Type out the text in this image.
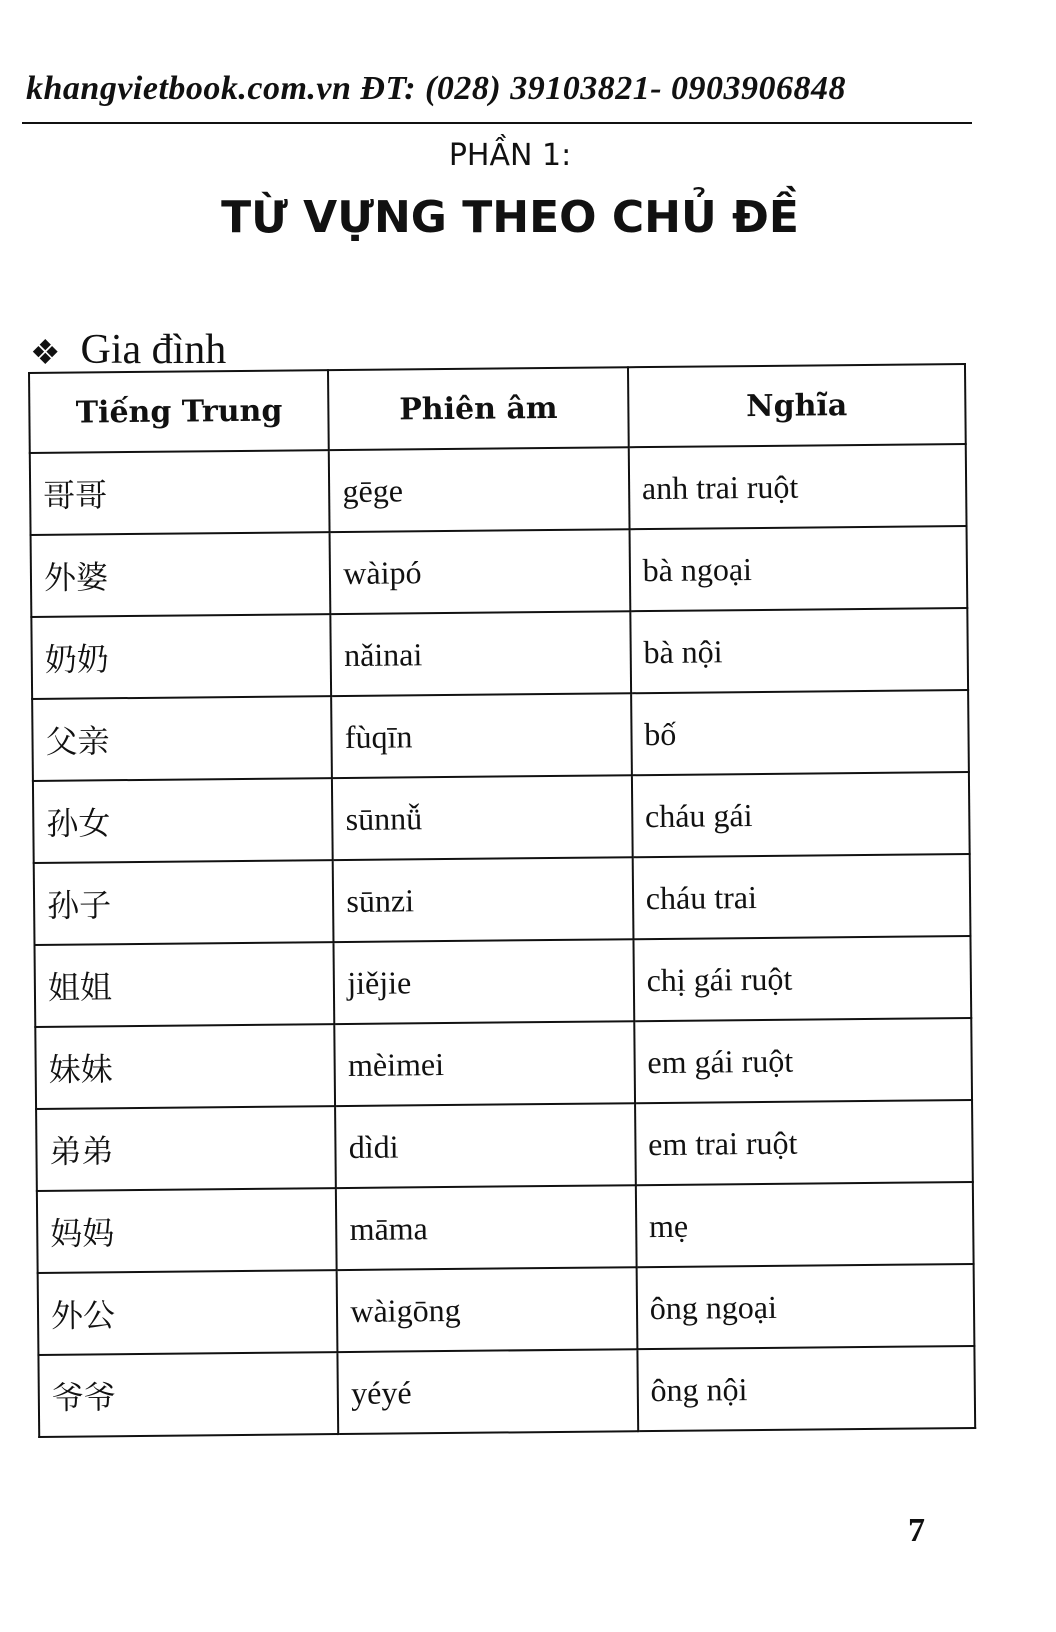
khangvietbook.com.vn ĐT: (028) 39103821- 0903906848
PHẦN 1:
TỪ VỰNG THEO CHỦ ĐỀ
❖ Gia đình
Tiếng Trung	Phiên âm	Nghĩa
哥哥	gēge	anh trai ruột
外婆	wàipó	bà ngoại
奶奶	nǎinai	bà nội
父亲	fùqīn	bố
孙女	sūnnǚ	cháu gái
孙子	sūnzi	cháu trai
姐姐	jiějie	chị gái ruột
妹妹	mèimei	em gái ruột
弟弟	dìdi	em trai ruột
妈妈	māma	mẹ
外公	wàigōng	ông ngoại
爷爷	yéyé	ông nội
7
